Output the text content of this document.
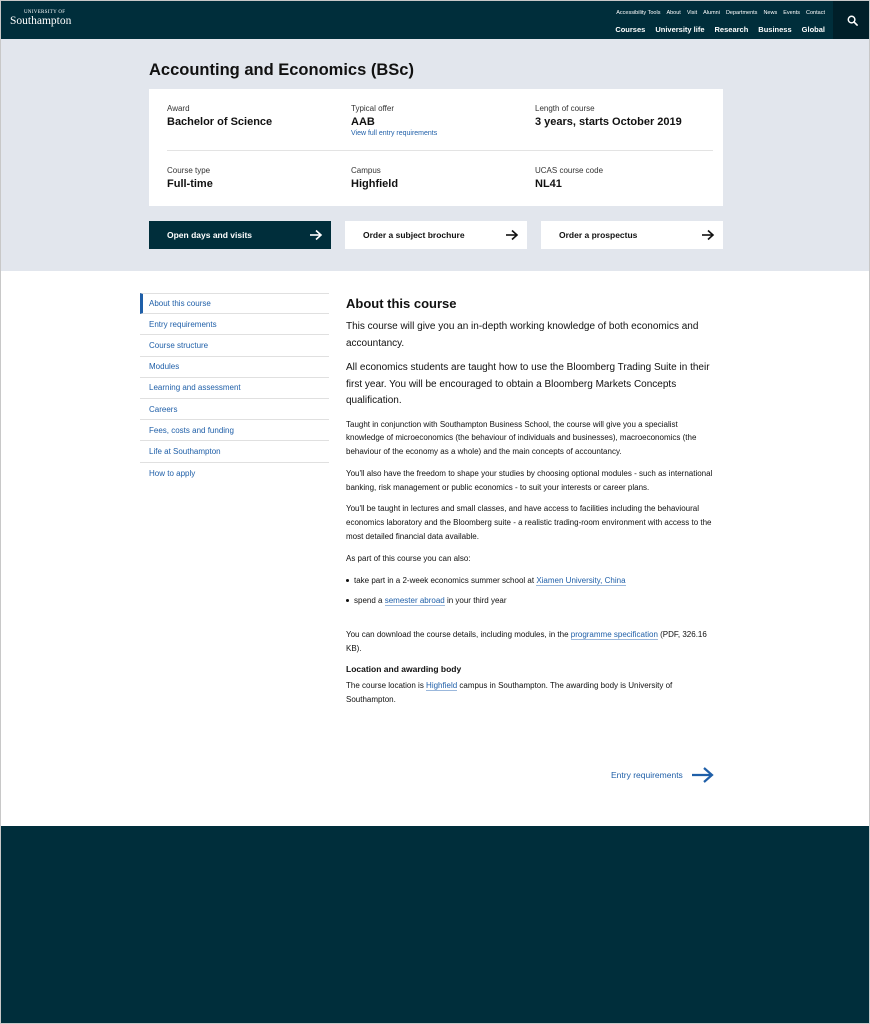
UNIVERSITY OF
Southampton
Accessibility Tools About Visit Alumni Departments News Events Contact
Courses University life Research Business Global
Accounting and Economics (BSc)
Award
Bachelor of Science
Typical offer
AAB
View full entry requirements
Length of course
3 years, starts October 2019
Course type
Full-time
Campus
Highfield
UCAS course code
NL41
Open days and visits	Order a subject brochure	Order a prospectus
About this course
Entry requirements
Course structure
Modules
Learning and assessment
Careers
Fees, costs and funding
Life at Southampton
How to apply
About this course

This course will give you an in-depth working knowledge of both economics and accountancy.

All economics students are taught how to use the Bloomberg Trading Suite in their first year. You will be encouraged to obtain a Bloomberg Markets Concepts qualification.

Taught in conjunction with Southampton Business School, the course will give you a specialist knowledge of microeconomics (the behaviour of individuals and businesses), macroeconomics (the behaviour of the economy as a whole) and the main concepts of accountancy.

You'll also have the freedom to shape your studies by choosing optional modules - such as international banking, risk management or public economics - to suit your interests or career plans.

You'll be taught in lectures and small classes, and have access to facilities including the behavioural economics laboratory and the Bloomberg suite - a realistic trading-room environment with access to the most detailed financial data available.

As part of this course you can also:

take part in a 2-week economics summer school at Xiamen University, China
spend a semester abroad in your third year

You can download the course details, including modules, in the programme specification (PDF, 326.16 KB).

Location and awarding body

The course location is Highfield campus in Southampton. The awarding body is University of Southampton.

Entry requirements
